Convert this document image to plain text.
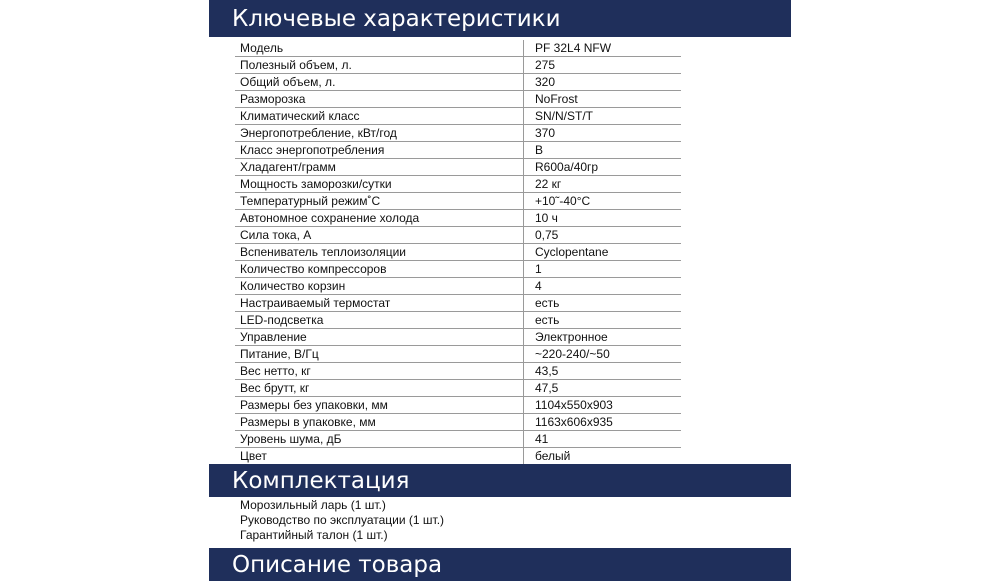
Ключевые характеристики
Модель	PF 32L4 NFW
Полезный объем, л.	275
Общий объем, л.	320
Разморозка	NoFrost
Климатический класс	SN/N/ST/T
Энергопотребление, кВт/год	370
Класс энергопотребления	B
Хладагент/грамм	R600a/40гр
Мощность заморозки/сутки	22 кг
Температурный режим˚С	+10˜-40°С
Автономное сохранение холода	10 ч
Сила тока, А	0,75
Вспениватель теплоизоляции	Cyclopentane
Количество компрессоров	1
Количество корзин	4
Настраиваемый термостат	есть
LED-подсветка	есть
Управление	Электронное
Питание, В/Гц	~220-240/~50
Вес нетто, кг	43,5
Вес брутт, кг	47,5
Размеры без упаковки, мм	1104x550x903
Размеры в упаковке, мм	1163x606x935
Уровень шума, дБ	41
Цвет	белый

Комплектация
Морозильный ларь (1 шт.)
Руководство по эксплуатации (1 шт.)
Гарантийный талон (1 шт.)
Описание товара
